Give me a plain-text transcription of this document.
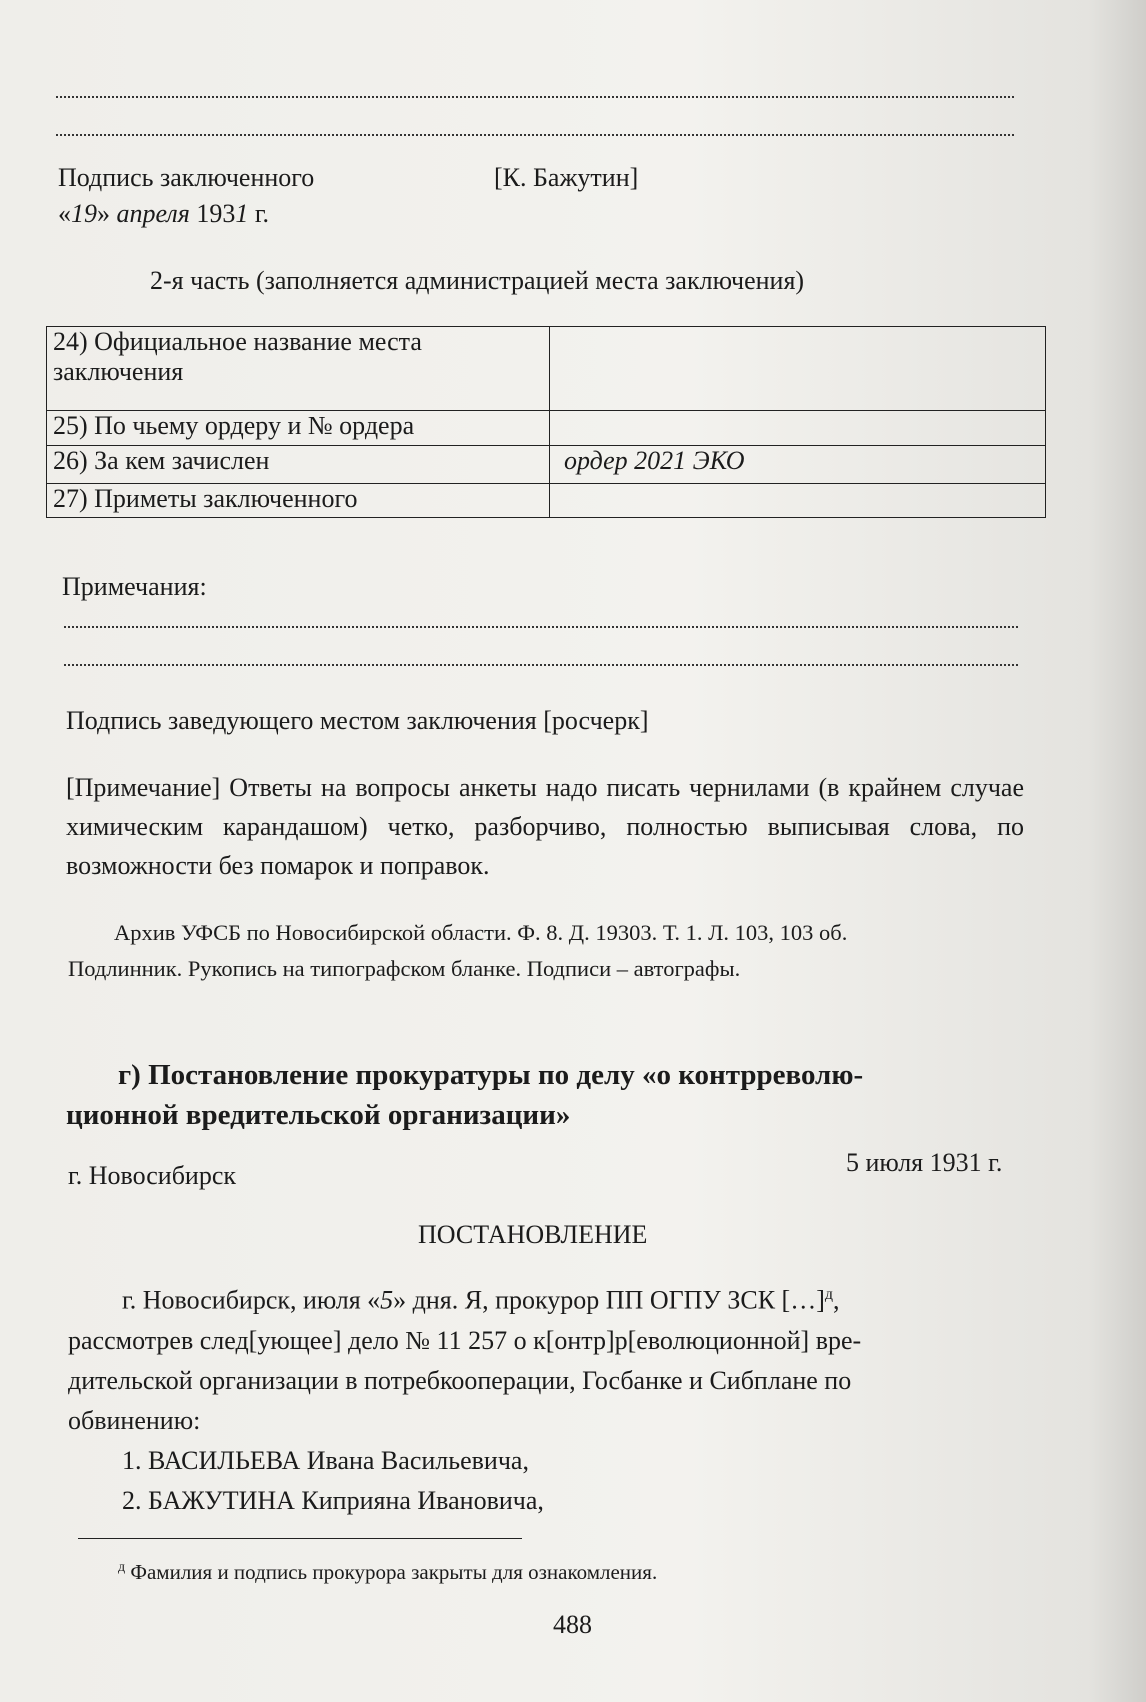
Подпись заключенного	[К. Бажутин]
«19» апреля 1931 г.
2-я часть (заполняется администрацией места заключения)
24) Официальное название места заключения	
25) По чьему ордеру и № ордера	
26) За кем зачислен	ордер 2021 ЭКО
27) Приметы заключенного	
Примечания:
Подпись заведующего местом заключения [росчерк]
[Примечание] Ответы на вопросы анкеты надо писать чернилами (в крайнем случае химическим карандашом) четко, разборчиво, полностью выписывая слова, по возможности без помарок и поправок.
Архив УФСБ по Новосибирской области. Ф. 8. Д. 19303. Т. 1. Л. 103, 103 об.
Подлинник. Рукопись на типографском бланке. Подписи – автографы.
г) Постановление прокуратуры по делу «о контрреволю-
ционной вредительской организации»
г. Новосибирск	5 июля 1931 г.
ПОСТАНОВЛЕНИЕ
г. Новосибирск, июля «5» дня. Я, прокурор ПП ОГПУ ЗСК […]$^д$,
рассмотрев след[ующее] дело № 11 257 о к[онтр]р[еволюционной] вре-
дительской организации в потребкооперации, Госбанке и Сибплане по
обвинению:
1. ВАСИЛЬЕВА Ивана Васильевича,
2. БАЖУТИНА Киприяна Ивановича,
$^д$ Фамилия и подпись прокурора закрыты для ознакомления.
488
